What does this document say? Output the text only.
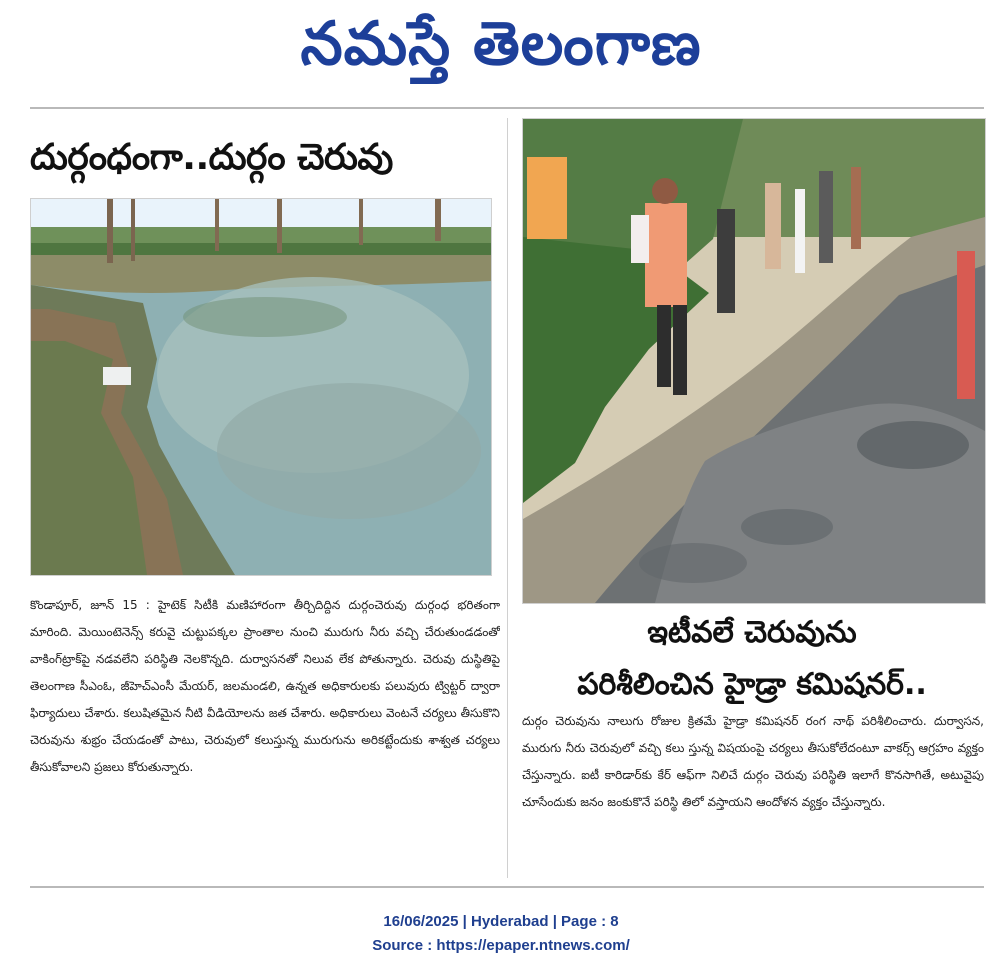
నమస్తే తెలంగాణ
దుర్గంధంగా..దుర్గం చెరువు

కొండాపూర్, జూన్ 15 : హైటెక్ సిటీకి మణిహారంగా తీర్చిదిద్దిన దుర్గంచెరువు దుర్గంధ భరితంగా మారింది. మెయింటెనెన్స్ కరువై చుట్టుపక్కల ప్రాంతాల నుంచి మురుగు నీరు వచ్చి చేరుతుండడంతో వాకింగ్‌ట్రాక్‌పై నడవలేని పరిస్థితి నెలకొన్నది. దుర్వాసనతో నిలువ లేక పోతున్నారు. చెరువు దుస్థితిపై తెలంగాణ సీఎంఓ, జీహెచ్‌ఎంసీ మేయర్, జలమండలి, ఉన్నత అధికారులకు పలువురు ట్విట్టర్ ద్వారా ఫిర్యాదులు చేశారు. కలుషితమైన నీటి వీడియోలను జత చేశారు. అధికారులు వెంటనే చర్యలు తీసుకొని చెరువును శుభ్రం చేయడంతో పాటు, చెరువులో కలుస్తున్న మురుగును అరికట్టేందుకు శాశ్వత చర్యలు తీసుకోవాలని ప్రజలు కోరుతున్నారు.

ఇటీవలే చెరువును
పరిశీలించిన హైడ్రా కమిషనర్..

దుర్గం చెరువును నాలుగు రోజుల క్రితమే హైడ్రా కమిషనర్ రంగ నాథ్ పరిశీలించారు. దుర్వాసన, మురుగు నీరు చెరువులో వచ్చి కలు స్తున్న విషయంపై చర్యలు తీసుకోలేదంటూ వాకర్స్ ఆగ్రహం వ్యక్తం చేస్తున్నారు. ఐటీ కారిడార్‌కు కేర్ ఆఫ్‌గా నిలిచే దుర్గం చెరువు పరిస్థితి ఇలాగే కొనసాగితే, అటువైపు చూసేందుకు జనం జంకుకొనే పరిస్థి తిలో వస్తాయని ఆందోళన వ్యక్తం చేస్తున్నారు.

16/06/2025 | Hyderabad | Page : 8

Source : https://epaper.ntnews.com/
